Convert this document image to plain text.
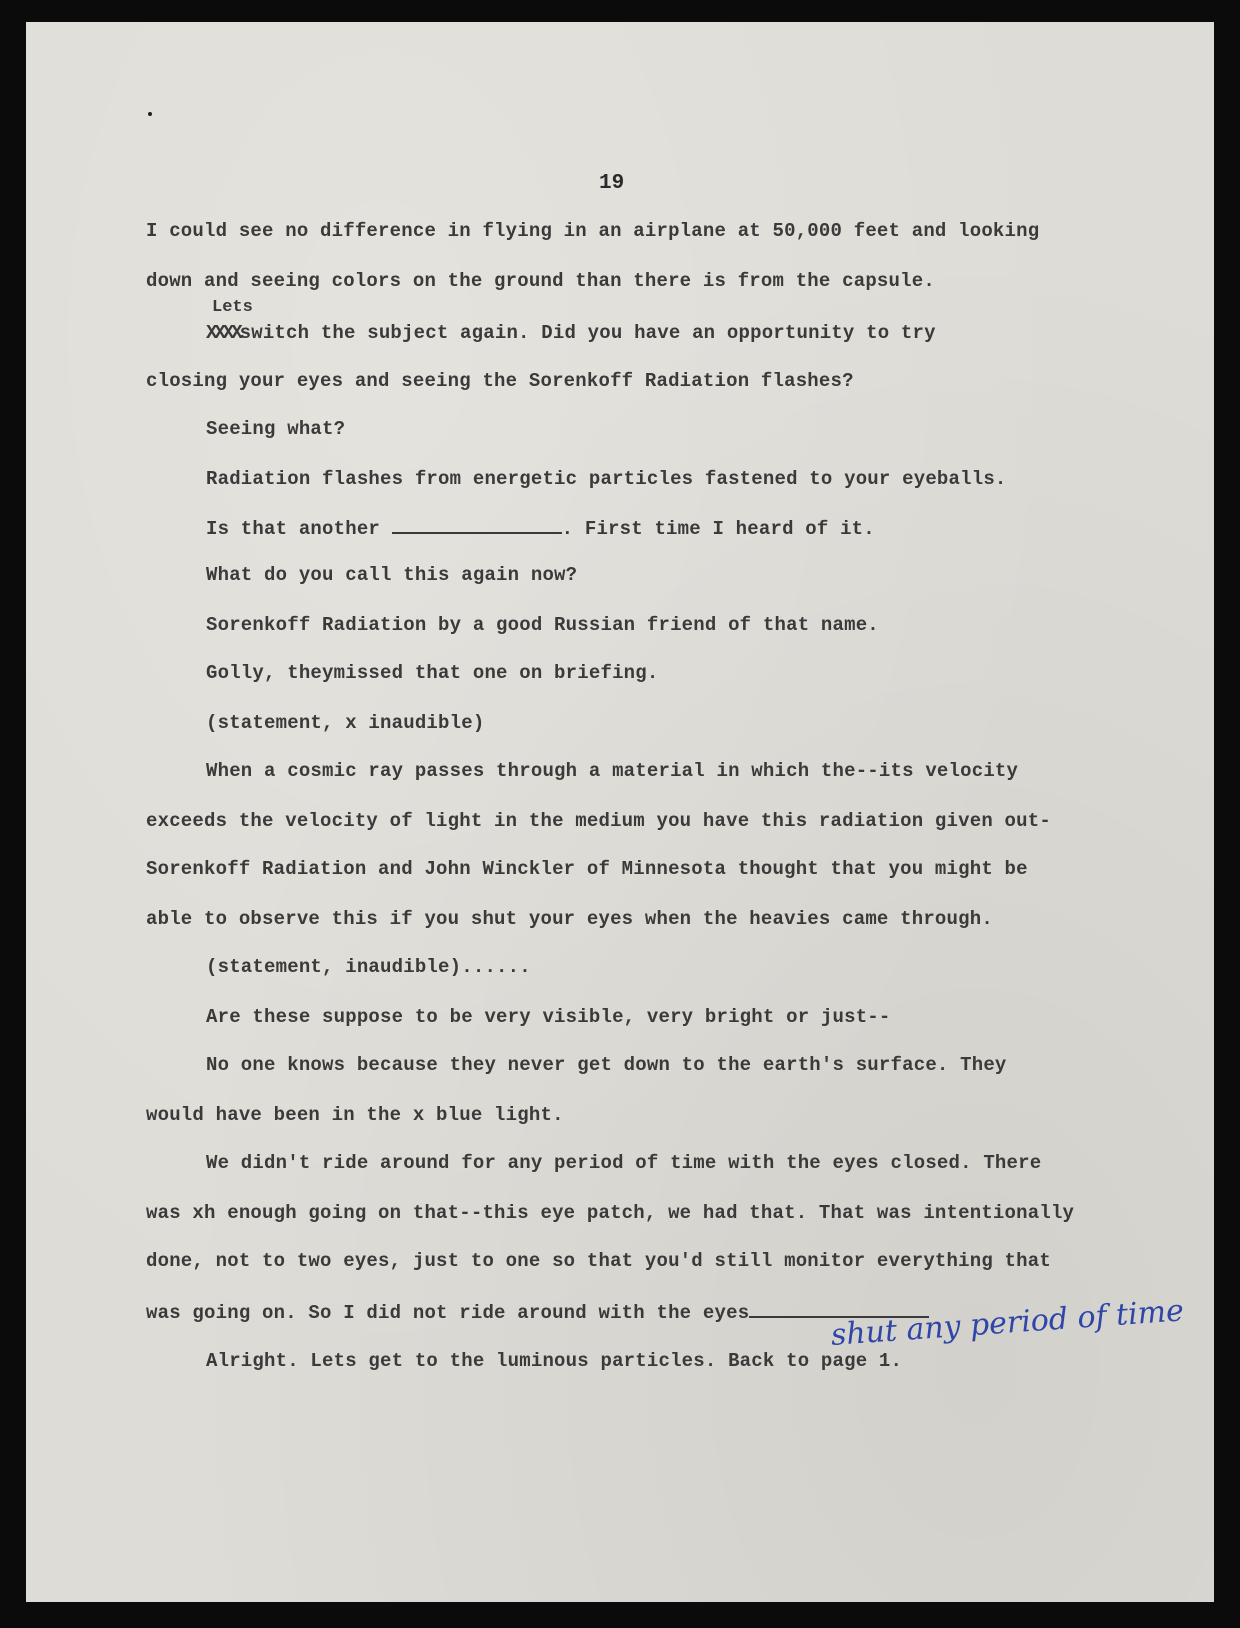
19
I could see no difference in flying in an airplane at 50,000 feet and looking
down and seeing colors on the ground than there is from the capsule.
Lets
XXXXswitch the subject again. Did you have an opportunity to try
closing your eyes and seeing the Sorenkoff Radiation flashes?
Seeing what?
Radiation flashes from energetic particles fastened to your eyeballs.
Is that another	. First time I heard of it.
What do you call this again now?
Sorenkoff Radiation by a good Russian friend of that name.
Golly, theymissed that one on briefing.
(statement, x inaudible)
When a cosmic ray passes through a material in which the--its velocity
exceeds the velocity of light in the medium you have this radiation given out-
Sorenkoff Radiation and John Winckler of Minnesota thought that you might be
able to observe this if you shut your eyes when the heavies came through.
(statement, inaudible)......
Are these suppose to be very visible, very bright or just--
No one knows because they never get down to the earth's surface. They
would have been in the x blue light.
We didn't ride around for any period of time with the eyes closed. There
was xh enough going on that--this eye patch, we had that. That was intentionally
done, not to two eyes, just to one so that you'd still monitor everything that
was going on. So I did not ride around with the eyes	shut any period of time
Alright. Lets get to the luminous particles. Back to page 1.
